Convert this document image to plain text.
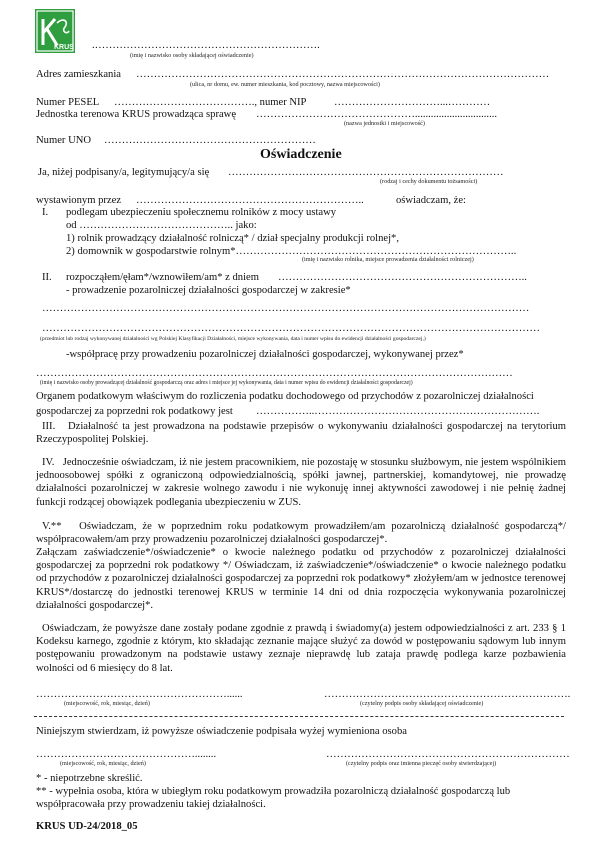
KRUS .……………………………………………………….
(imię i nazwisko osoby składającej oświadczenie)
Adres zamieszkania ………………………………………………………………………………………………………
(ulica, nr domu, ew. numer mieszkania, kod pocztowy, nazwa miejscowości)
Numer PESEL …………………………………., numer NIP	…………………………...…………
Jednostka terenowa KRUS prowadząca sprawę ………………………………………...............................
(nazwa jednostki i miejscowość)
Numer UNO ……………………………………………………
Oświadczenie
Ja, niżej podpisany/a, legitymujący/a się ……………………………………………………………………
(rodzaj i cechy dokumentu tożsamości)
wystawionym przez ………………………………………………………..	oświadczam, że:
I. podlegam ubezpieczeniu społecznemu rolników z mocy ustawy
od …………………………………….. jako:
1) rolnik prowadzący działalność rolniczą* / dział specjalny produkcji rolnej*,
2) domownik w gospodarstwie rolnym*……………………………………………………………………..
(imię i nazwisko rolnika, miejsce prowadzenia działalności rolniczej)
II. rozpocząłem/ęłam*/wznowiłem/am* z dniem ……………………………………………………………..
- prowadzenie pozarolniczej działalności gospodarczej w zakresie*
…………………………………………………………………………………………………………………………
……………………………………………………………………………………………………………………………
(przedmiot lub rodzaj wykonywanej działalności wg Polskiej Klasyfikacji Działalności, miejsce wykonywania, data i numer wpisu do ewidencji działalności gospodarczej,)
-współpracę przy prowadzeniu pozarolniczej działalności gospodarczej, wykonywanej przez*
………………………………………………………………………………………………………………………
(imię i nazwisko osoby prowadzącej działalność gospodarczą oraz adres i miejsce jej wykonywania, data i numer wpisu do ewidencji działalności gospodarczej)
Organem podatkowym właściwym do rozliczenia podatku dochodowego od przychodów z pozarolniczej działalności
gospodarczej za poprzedni rok podatkowy jest ……………..……………………………………………………….
III. Działalność ta jest prowadzona na podstawie przepisów o wykonywaniu działalności gospodarczej na terytorium Rzeczypospolitej Polskiej.
IV. Jednocześnie oświadczam, iż nie jestem pracownikiem, nie pozostaję w stosunku służbowym, nie jestem wspólnikiem jednoosobowej spółki z ograniczoną odpowiedzialnością, spółki jawnej, partnerskiej, komandytowej, nie prowadzę działalności pozarolniczej w zakresie wolnego zawodu i nie wykonuję innej aktywności zawodowej i nie pełnię żadnej funkcji rodzącej obowiązek podlegania ubezpieczeniu w ZUS.
V.** Oświadczam, że w poprzednim roku podatkowym prowadziłem/am pozarolniczą działalność gospodarczą*/ współpracowałem/am przy prowadzeniu pozarolniczej działalności gospodarczej*.
Załączam zaświadczenie*/oświadczenie* o kwocie należnego podatku od przychodów z pozarolniczej działalności gospodarczej za poprzedni rok podatkowy */ Oświadczam, iż zaświadczenie*/oświadczenie* o kwocie należnego podatku od przychodów z pozarolniczej działalności gospodarczej za poprzedni rok podatkowy* złożyłem/am w jednostce terenowej KRUS*/dostarczę do jednostki terenowej KRUS w terminie 14 dni od dnia rozpoczęcia wykonywania pozarolniczej działalności gospodarczej*.
Oświadczam, że powyższe dane zostały podane zgodnie z prawdą i świadomy(a) jestem odpowiedzialności z art. 233 § 1 Kodeksu karnego, zgodnie z którym, kto składając zeznanie mające służyć za dowód w postępowaniu sądowym lub innym postępowaniu prowadzonym na podstawie ustawy zeznaje nieprawdę lub zataja prawdę podlega karze pozbawienia wolności od 6 miesięcy do 8 lat.
………………………………………………......
(miejscowość, rok, miesiąc, dzień)
…………………………………………………………….
(czytelny podpis osoby składającej oświadczenie)
Niniejszym stwierdzam, iż powyższe oświadczenie podpisała wyżej wymieniona osoba
………………………………………........
(miejscowość, rok, miesiąc, dzień)
……………………………………………………………
(czytelny podpis oraz imienna pieczęć osoby stwierdzającej)
* - niepotrzebne skreślić.
** - wypełnia osoba, która w ubiegłym roku podatkowym prowadziła pozarolniczą działalność gospodarczą lub
współpracowała przy prowadzeniu takiej działalności.
KRUS UD-24/2018_05
